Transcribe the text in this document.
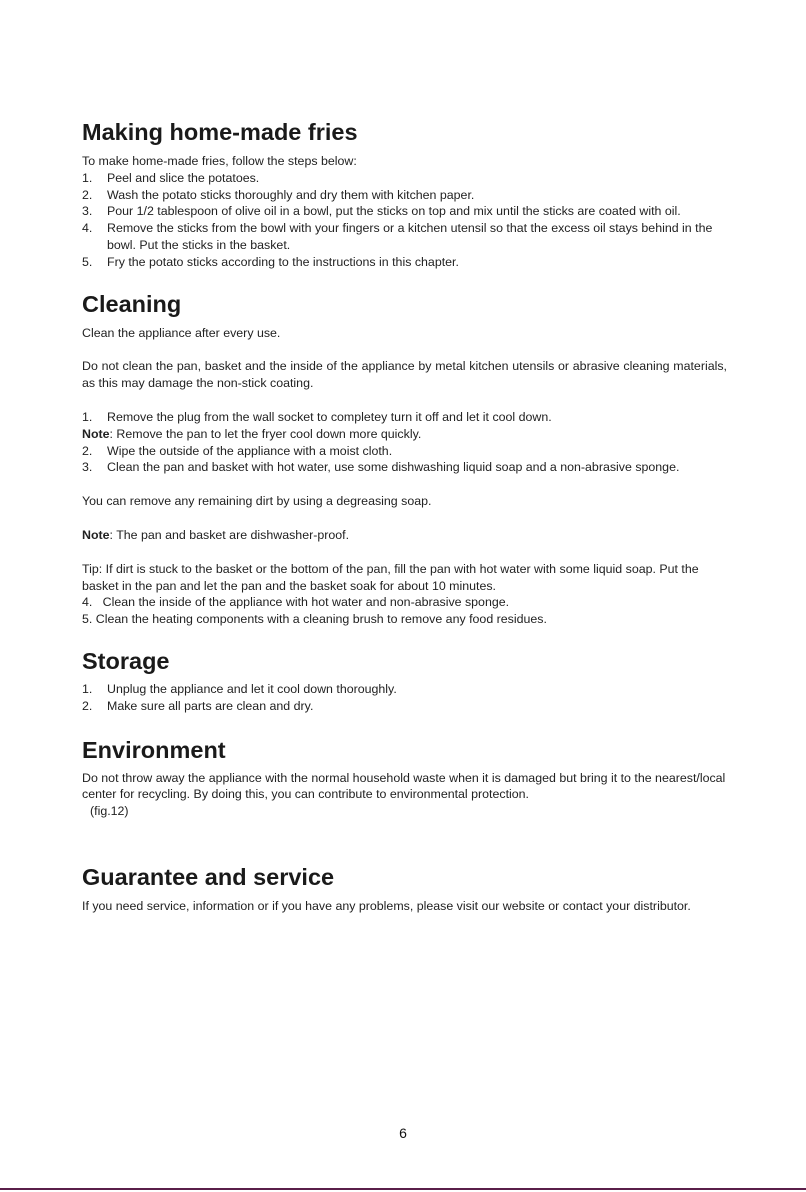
Making home-made fries

To make home-made fries, follow the steps below:

1.	Peel and slice the potatoes.
2.	Wash the potato sticks thoroughly and dry them with kitchen paper.
3.	Pour 1/2 tablespoon of olive oil in a bowl, put the sticks on top and mix until the sticks are coated with oil.
4.	Remove the sticks from the bowl with your fingers or a kitchen utensil so that the excess oil stays behind in the bowl. Put the sticks in the basket.
5.	Fry the potato sticks according to the instructions in this chapter.
Cleaning

Clean the appliance after every use.

Do not clean the pan, basket and the inside of the appliance by metal kitchen utensils or abrasive cleaning materials, as this may damage the non-stick coating.

1.	Remove the plug from the wall socket to completey turn it off and let it cool down.
Note: Remove the pan to let the fryer cool down more quickly.
2.	Wipe the outside of the appliance with a moist cloth.
3.	Clean the pan and basket with hot water, use some dishwashing liquid soap and a non-abrasive sponge.

You can remove any remaining dirt by using a degreasing soap.

Note: The pan and basket are dishwasher-proof.

Tip: If dirt is stuck to the basket or the bottom of the pan, fill the pan with hot water with some liquid soap. Put the basket in the pan and let the pan and the basket soak for about 10 minutes.

4.   Clean the inside of the appliance with hot water and non-abrasive sponge.

5. Clean the heating components with a cleaning brush to remove any food residues.

Storage
1.	Unplug the appliance and let it cool down thoroughly.
2.	Make sure all parts are clean and dry.
Environment

Do not throw away the appliance with the normal household waste when it is damaged but bring it to the nearest/local center for recycling. By doing this, you can contribute to environmental protection.

(fig.12)

Guarantee and service

If you need service, information or if you have any problems, please visit our website or contact your distributor.

6
